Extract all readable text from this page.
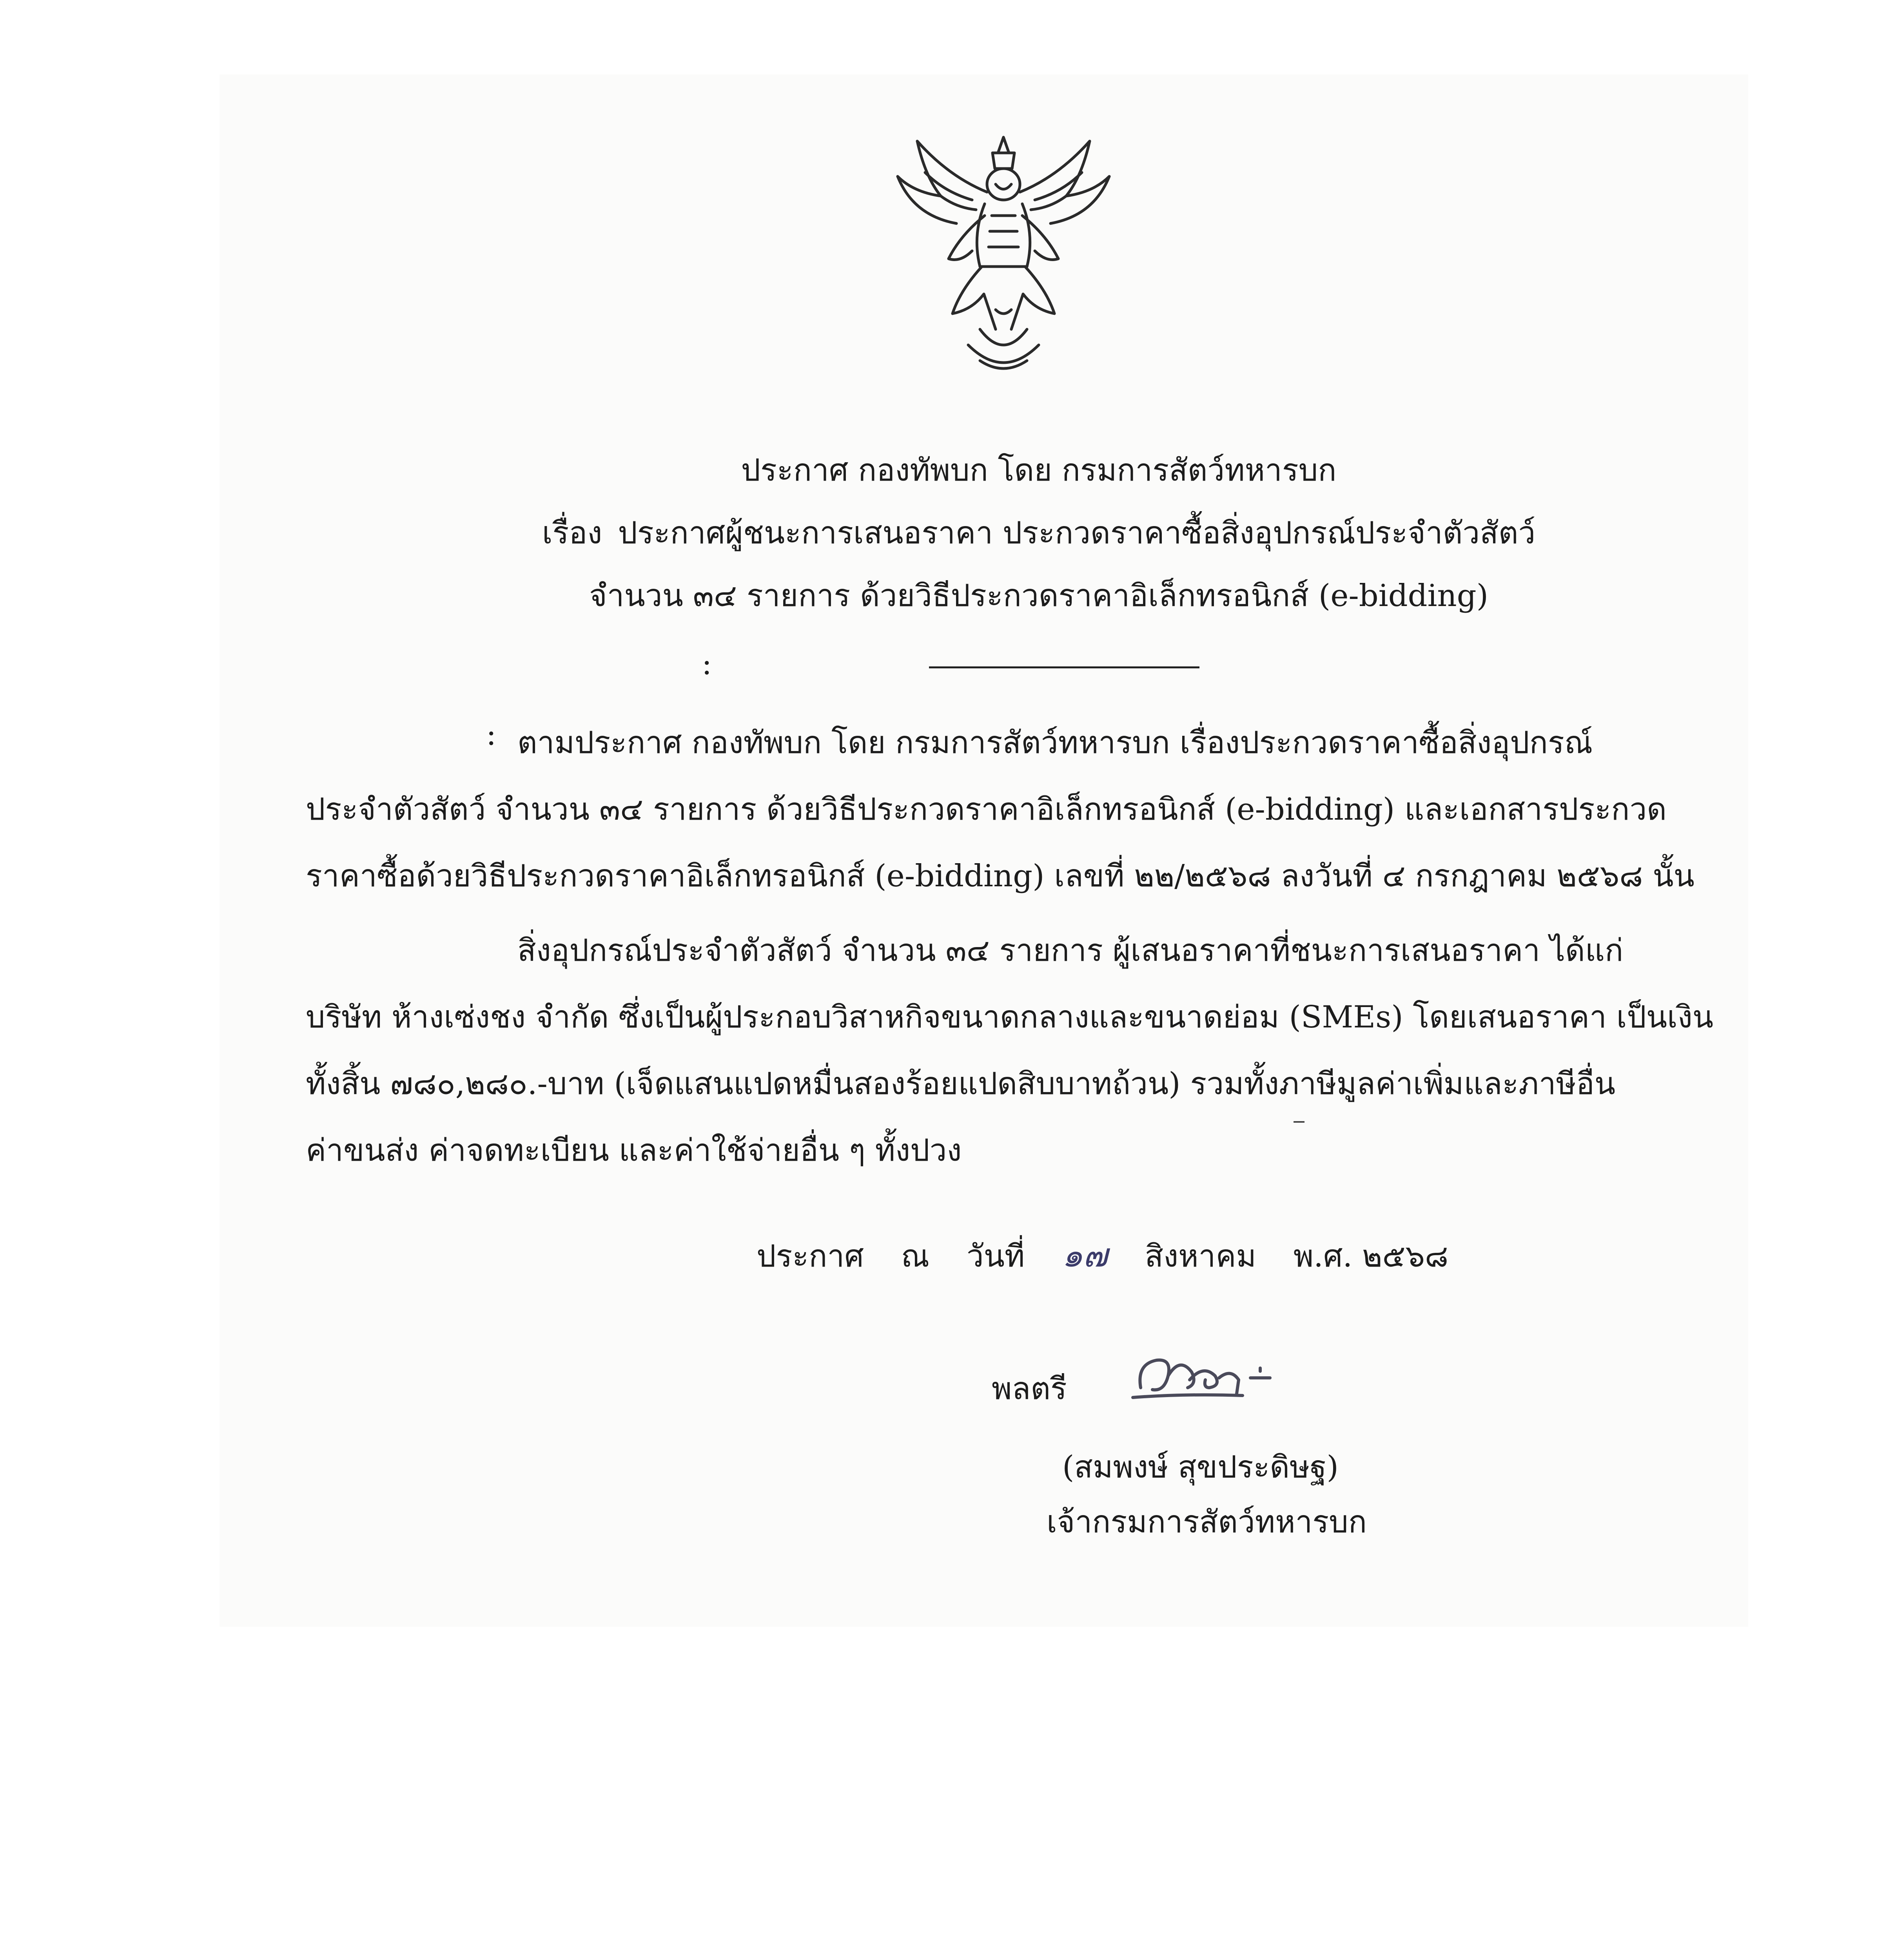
ประกาศ กองทัพบก โดย กรมการสัตว์ทหารบก
เรื่อง ประกาศผู้ชนะการเสนอราคา ประกวดราคาซื้อสิ่งอุปกรณ์ประจำตัวสัตว์
จำนวน ๓๔ รายการ ด้วยวิธีประกวดราคาอิเล็กทรอนิกส์ (e-bidding)
:
: ตามประกาศ กองทัพบก โดย กรมการสัตว์ทหารบก เรื่องประกวดราคาซื้อสิ่งอุปกรณ์
ประจำตัวสัตว์ จำนวน ๓๔ รายการ ด้วยวิธีประกวดราคาอิเล็กทรอนิกส์ (e-bidding) และเอกสารประกวด
ราคาซื้อด้วยวิธีประกวดราคาอิเล็กทรอนิกส์ (e-bidding) เลขที่ ๒๒/๒๕๖๘ ลงวันที่ ๔ กรกฎาคม ๒๕๖๘ นั้น
สิ่งอุปกรณ์ประจำตัวสัตว์ จำนวน ๓๔ รายการ ผู้เสนอราคาที่ชนะการเสนอราคา ได้แก่
บริษัท ห้างเซ่งชง จำกัด ซึ่งเป็นผู้ประกอบวิสาหกิจขนาดกลางและขนาดย่อม (SMEs) โดยเสนอราคา เป็นเงิน
ทั้งสิ้น ๗๘๐,๒๘๐.-บาท (เจ็ดแสนแปดหมื่นสองร้อยแปดสิบบาทถ้วน) รวมทั้งภาษีมูลค่าเพิ่มและภาษีอื่น
ค่าขนส่ง ค่าจดทะเบียน และค่าใช้จ่ายอื่น ๆ ทั้งปวง
ประกาศ ณ วันที่ ๑๗ สิงหาคม พ.ศ. ๒๕๖๘
พลตรี
(สมพงษ์ สุขประดิษฐ)
เจ้ากรมการสัตว์ทหารบก
